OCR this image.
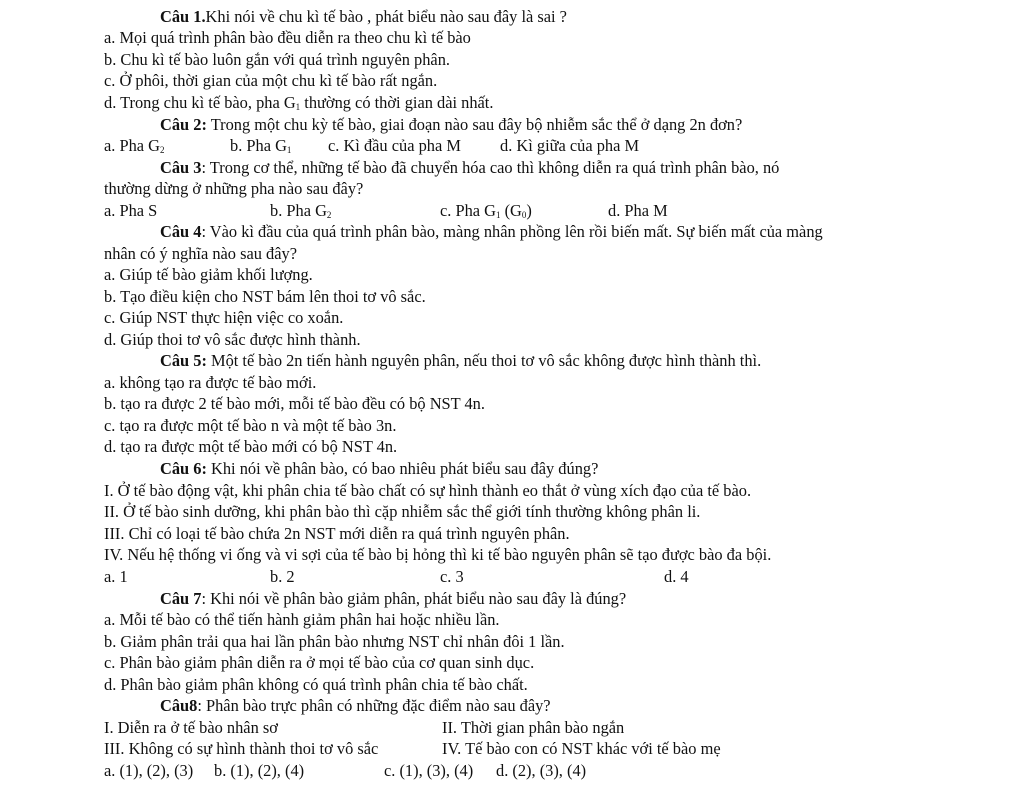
Câu 1.Khi nói về chu kì tế bào , phát biểu nào sau đây là sai ?
a. Mọi quá trình phân bào đều diễn ra theo chu kì tế bào
b. Chu kì tế bào luôn gắn với quá trình nguyên phân.
c. Ở phôi, thời gian của một chu kì tế bào rất ngắn.
d. Trong chu kì tế bào, pha $G_1$ thường có thời gian dài nhất.
Câu 2: Trong một chu kỳ tế bào, giai đoạn nào sau đây bộ nhiễm sắc thể ở dạng 2n đơn?
a. Pha $G_2$	b. Pha $G_1$ c. Kì đầu của pha M d. Kì giữa của pha M
Câu 3: Trong cơ thể, những tế bào đã chuyển hóa cao thì không diễn ra quá trình phân bào, nó
thường dừng ở những pha nào sau đây?
a. Pha S	b. Pha $G_2$	c. Pha $G_1$ $(G_0)$	d. Pha M
Câu 4: Vào kì đầu của quá trình phân bào, màng nhân phồng lên rồi biến mất. Sự biến mất của màng
nhân có ý nghĩa nào sau đây?
a. Giúp tế bào giảm khối lượng.
b. Tạo điều kiện cho NST bám lên thoi tơ vô sắc.
c. Giúp NST thực hiện việc co xoắn.
d. Giúp thoi tơ vô sắc được hình thành.
Câu 5: Một tế bào 2n tiến hành nguyên phân, nếu thoi tơ vô sắc không được hình thành thì.
a. không tạo ra được tế bào mới.
b. tạo ra được 2 tế bào mới, mỗi tế bào đều có bộ NST 4n.
c. tạo ra được một tế bào n và một tế bào 3n.
d. tạo ra được một tế bào mới có bộ NST 4n.
Câu 6: Khi nói về phân bào, có bao nhiêu phát biểu sau đây đúng?
I. Ở tế bào động vật, khi phân chia tế bào chất có sự hình thành eo thắt ở vùng xích đạo của tế bào.
II. Ở tế bào sinh dưỡng, khi phân bào thì cặp nhiễm sắc thể giới tính thường không phân li.
III. Chỉ có loại tế bào chứa 2n NST mới diễn ra quá trình nguyên phân.
IV. Nếu hệ thống vi ống và vi sợi của tế bào bị hỏng thì ki tế bào nguyên phân sẽ tạo được bào đa bội.
a. 1	b. 2	c. 3	d. 4
Câu 7: Khi nói về phân bào giảm phân, phát biểu nào sau đây là đúng?
a. Mỗi tế bào có thể tiến hành giảm phân hai hoặc nhiều lần.
b. Giảm phân trải qua hai lần phân bào nhưng NST chỉ nhân đôi 1 lần.
c. Phân bào giảm phân diễn ra ở mọi tế bào của cơ quan sinh dục.
d. Phân bào giảm phân không có quá trình phân chia tế bào chất.
Câu8: Phân bào trực phân có những đặc điểm nào sau đây?
I. Diễn ra ở tế bào nhân sơ	II. Thời gian phân bào ngắn
III. Không có sự hình thành thoi tơ vô sắc	IV. Tế bào con có NST khác với tế bào mẹ
a. (1), (2), (3) b. (1), (2), (4)	c. (1), (3), (4) d. (2), (3), (4)
